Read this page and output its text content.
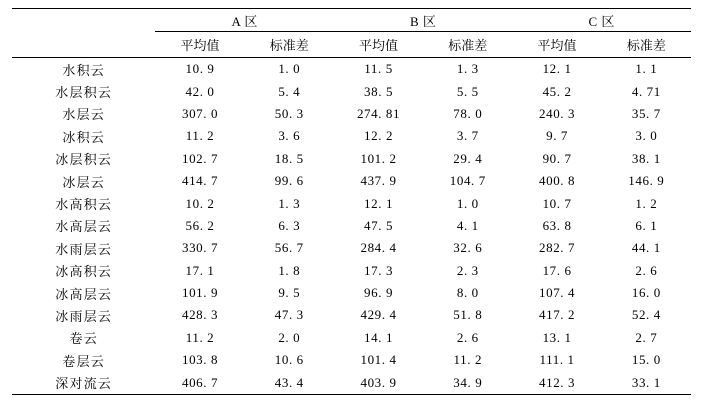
	A 区		B 区		C 区	
	平均值	标准差	平均值	标准差	平均值	标准差
水积云	10. 9	1. 0	11. 5	1. 3	12. 1	1. 1
水层积云	42. 0	5. 4	38. 5	5. 5	45. 2	4. 71
水层云	307. 0	50. 3	274. 81	78. 0	240. 3	35. 7
冰积云	11. 2	3. 6	12. 2	3. 7	9. 7	3. 0
冰层积云	102. 7	18. 5	101. 2	29. 4	90. 7	38. 1
冰层云	414. 7	99. 6	437. 9	104. 7	400. 8	146. 9
水高积云	10. 2	1. 3	12. 1	1. 0	10. 7	1. 2
水高层云	56. 2	6. 3	47. 5	4. 1	63. 8	6. 1
水雨层云	330. 7	56. 7	284. 4	32. 6	282. 7	44. 1
冰高积云	17. 1	1. 8	17. 3	2. 3	17. 6	2. 6
冰高层云	101. 9	9. 5	96. 9	8. 0	107. 4	16. 0
冰雨层云	428. 3	47. 3	429. 4	51. 8	417. 2	52. 4
卷云	11. 2	2. 0	14. 1	2. 6	13. 1	2. 7
卷层云	103. 8	10. 6	101. 4	11. 2	111. 1	15. 0
深对流云	406. 7	43. 4	403. 9	34. 9	412. 3	33. 1
